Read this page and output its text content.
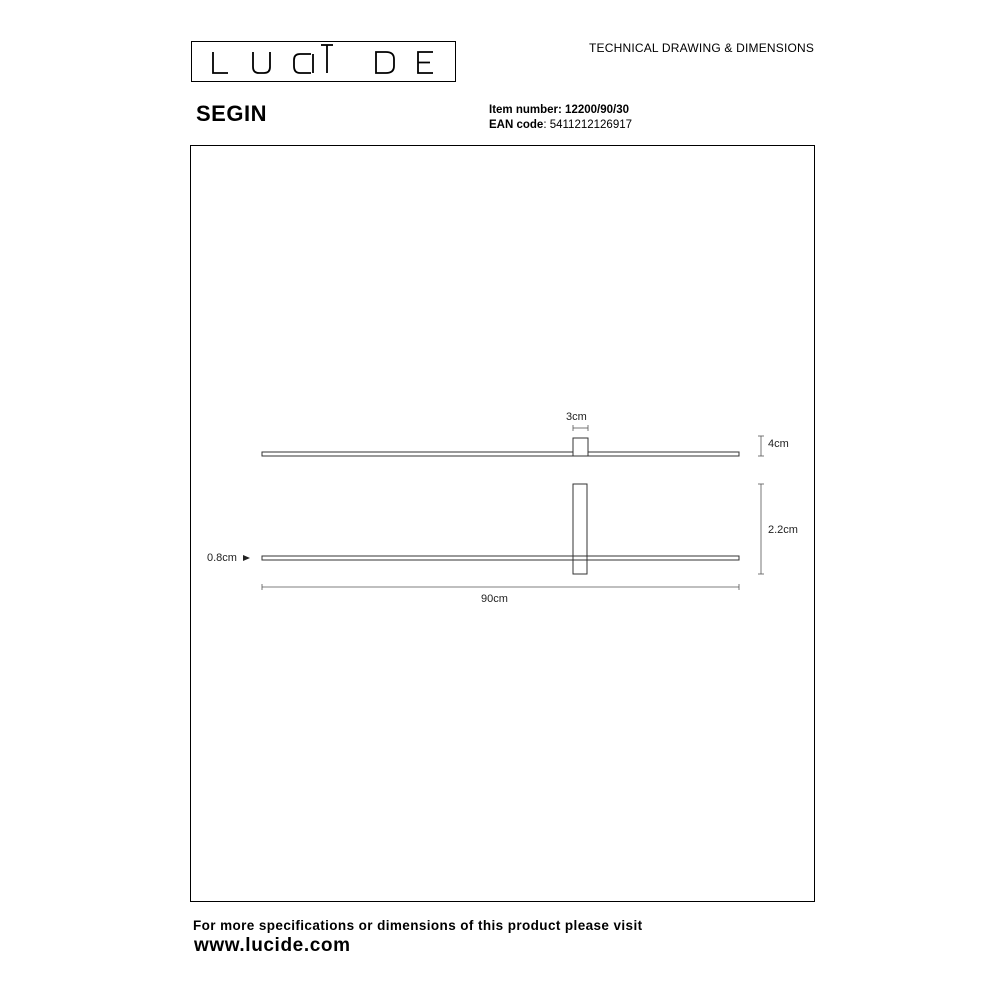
TECHNICAL DRAWING & DIMENSIONS
SEGIN	Item number: 12200/90/30
EAN code: 5411212126917
3cm
4cm
2.2cm
0.8cm
90cm
For more specifications or dimensions of this product please visit
www.lucide.com
